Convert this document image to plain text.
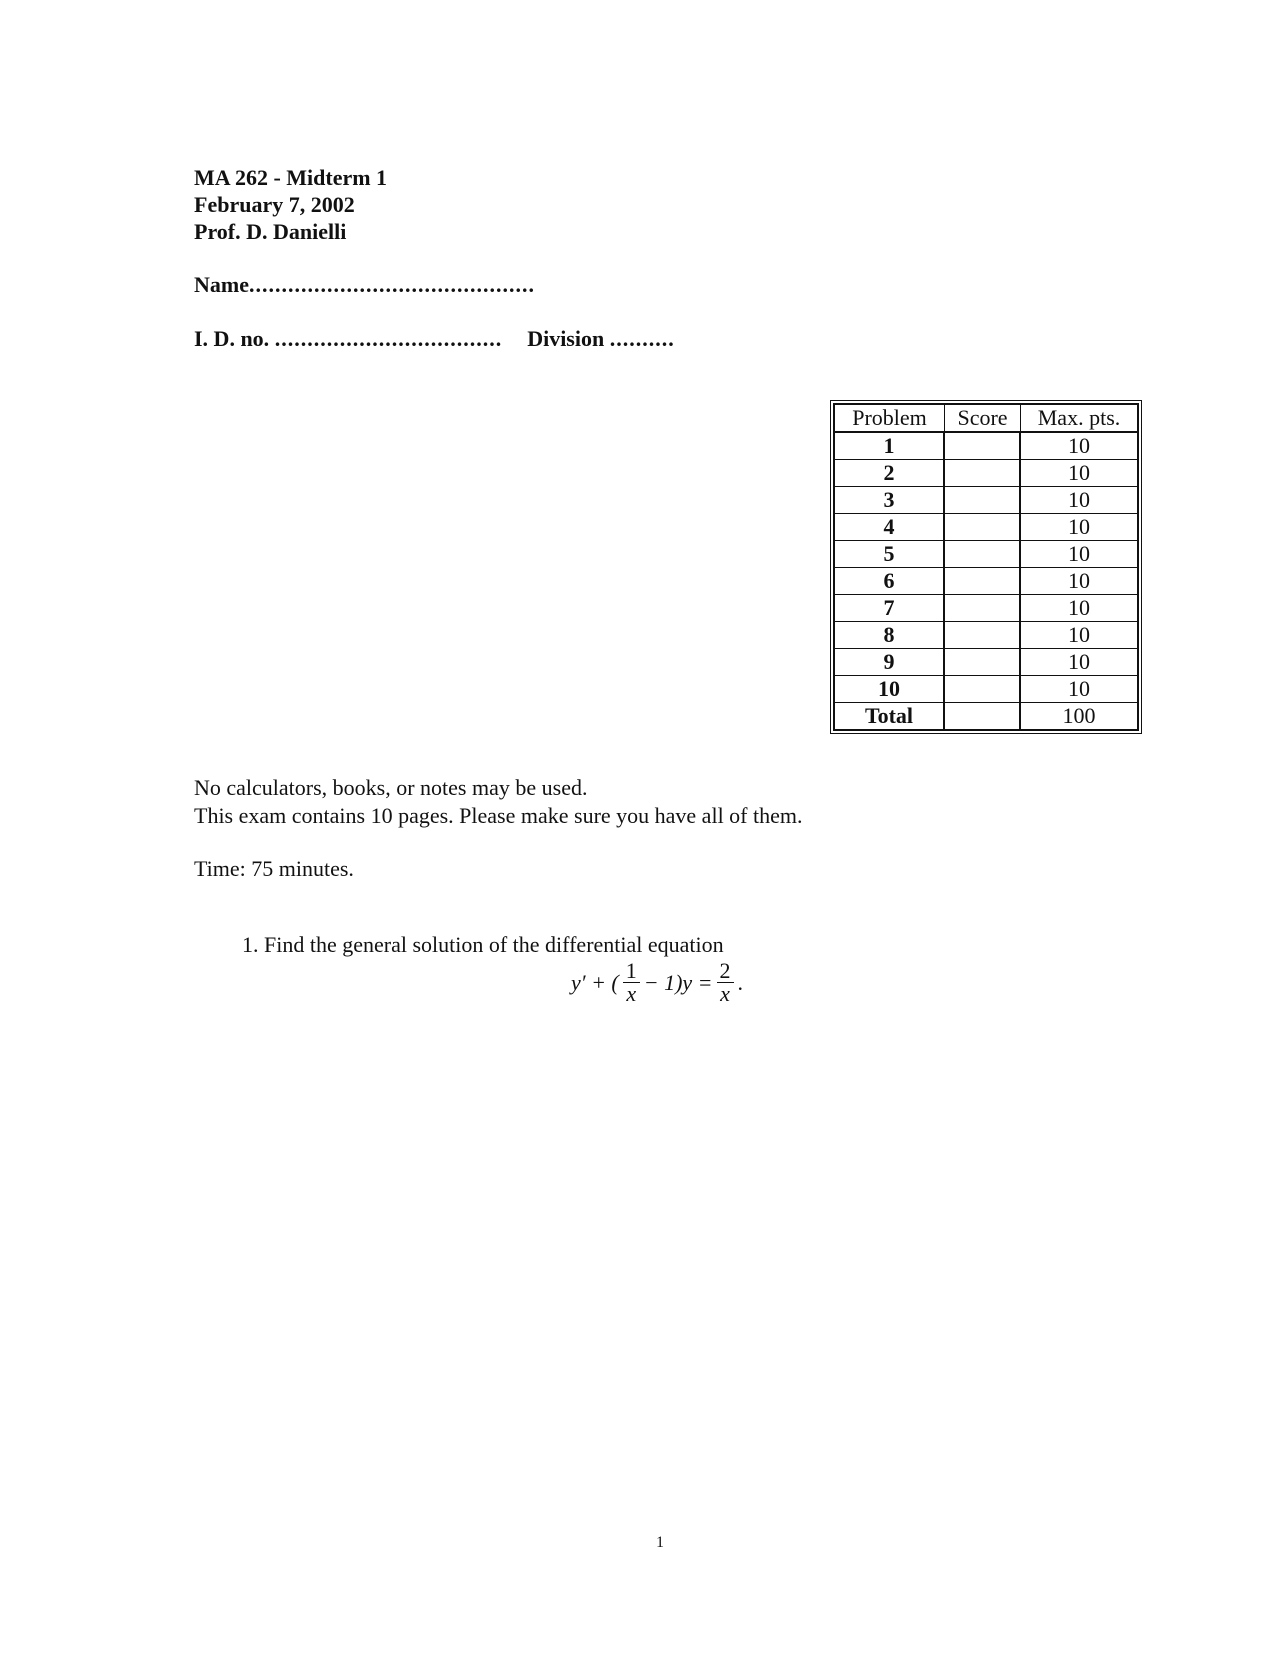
MA 262 - Midterm 1
February 7, 2002
Prof. D. Danielli
Name............................................
I. D. no. ................................... Division ..........
Problem	Score	Max. pts.
1		10
2		10
3		10
4		10
5		10
6		10
7		10
8		10
9		10
10		10
Total		100
No calculators, books, or notes may be used.
This exam contains 10 pages. Please make sure you have all of them.
Time: 75 minutes.
1. Find the general solution of the differential equation
y′ + ( $\frac{1}{x} - 1)y = \frac{2}{x}$ .
1
